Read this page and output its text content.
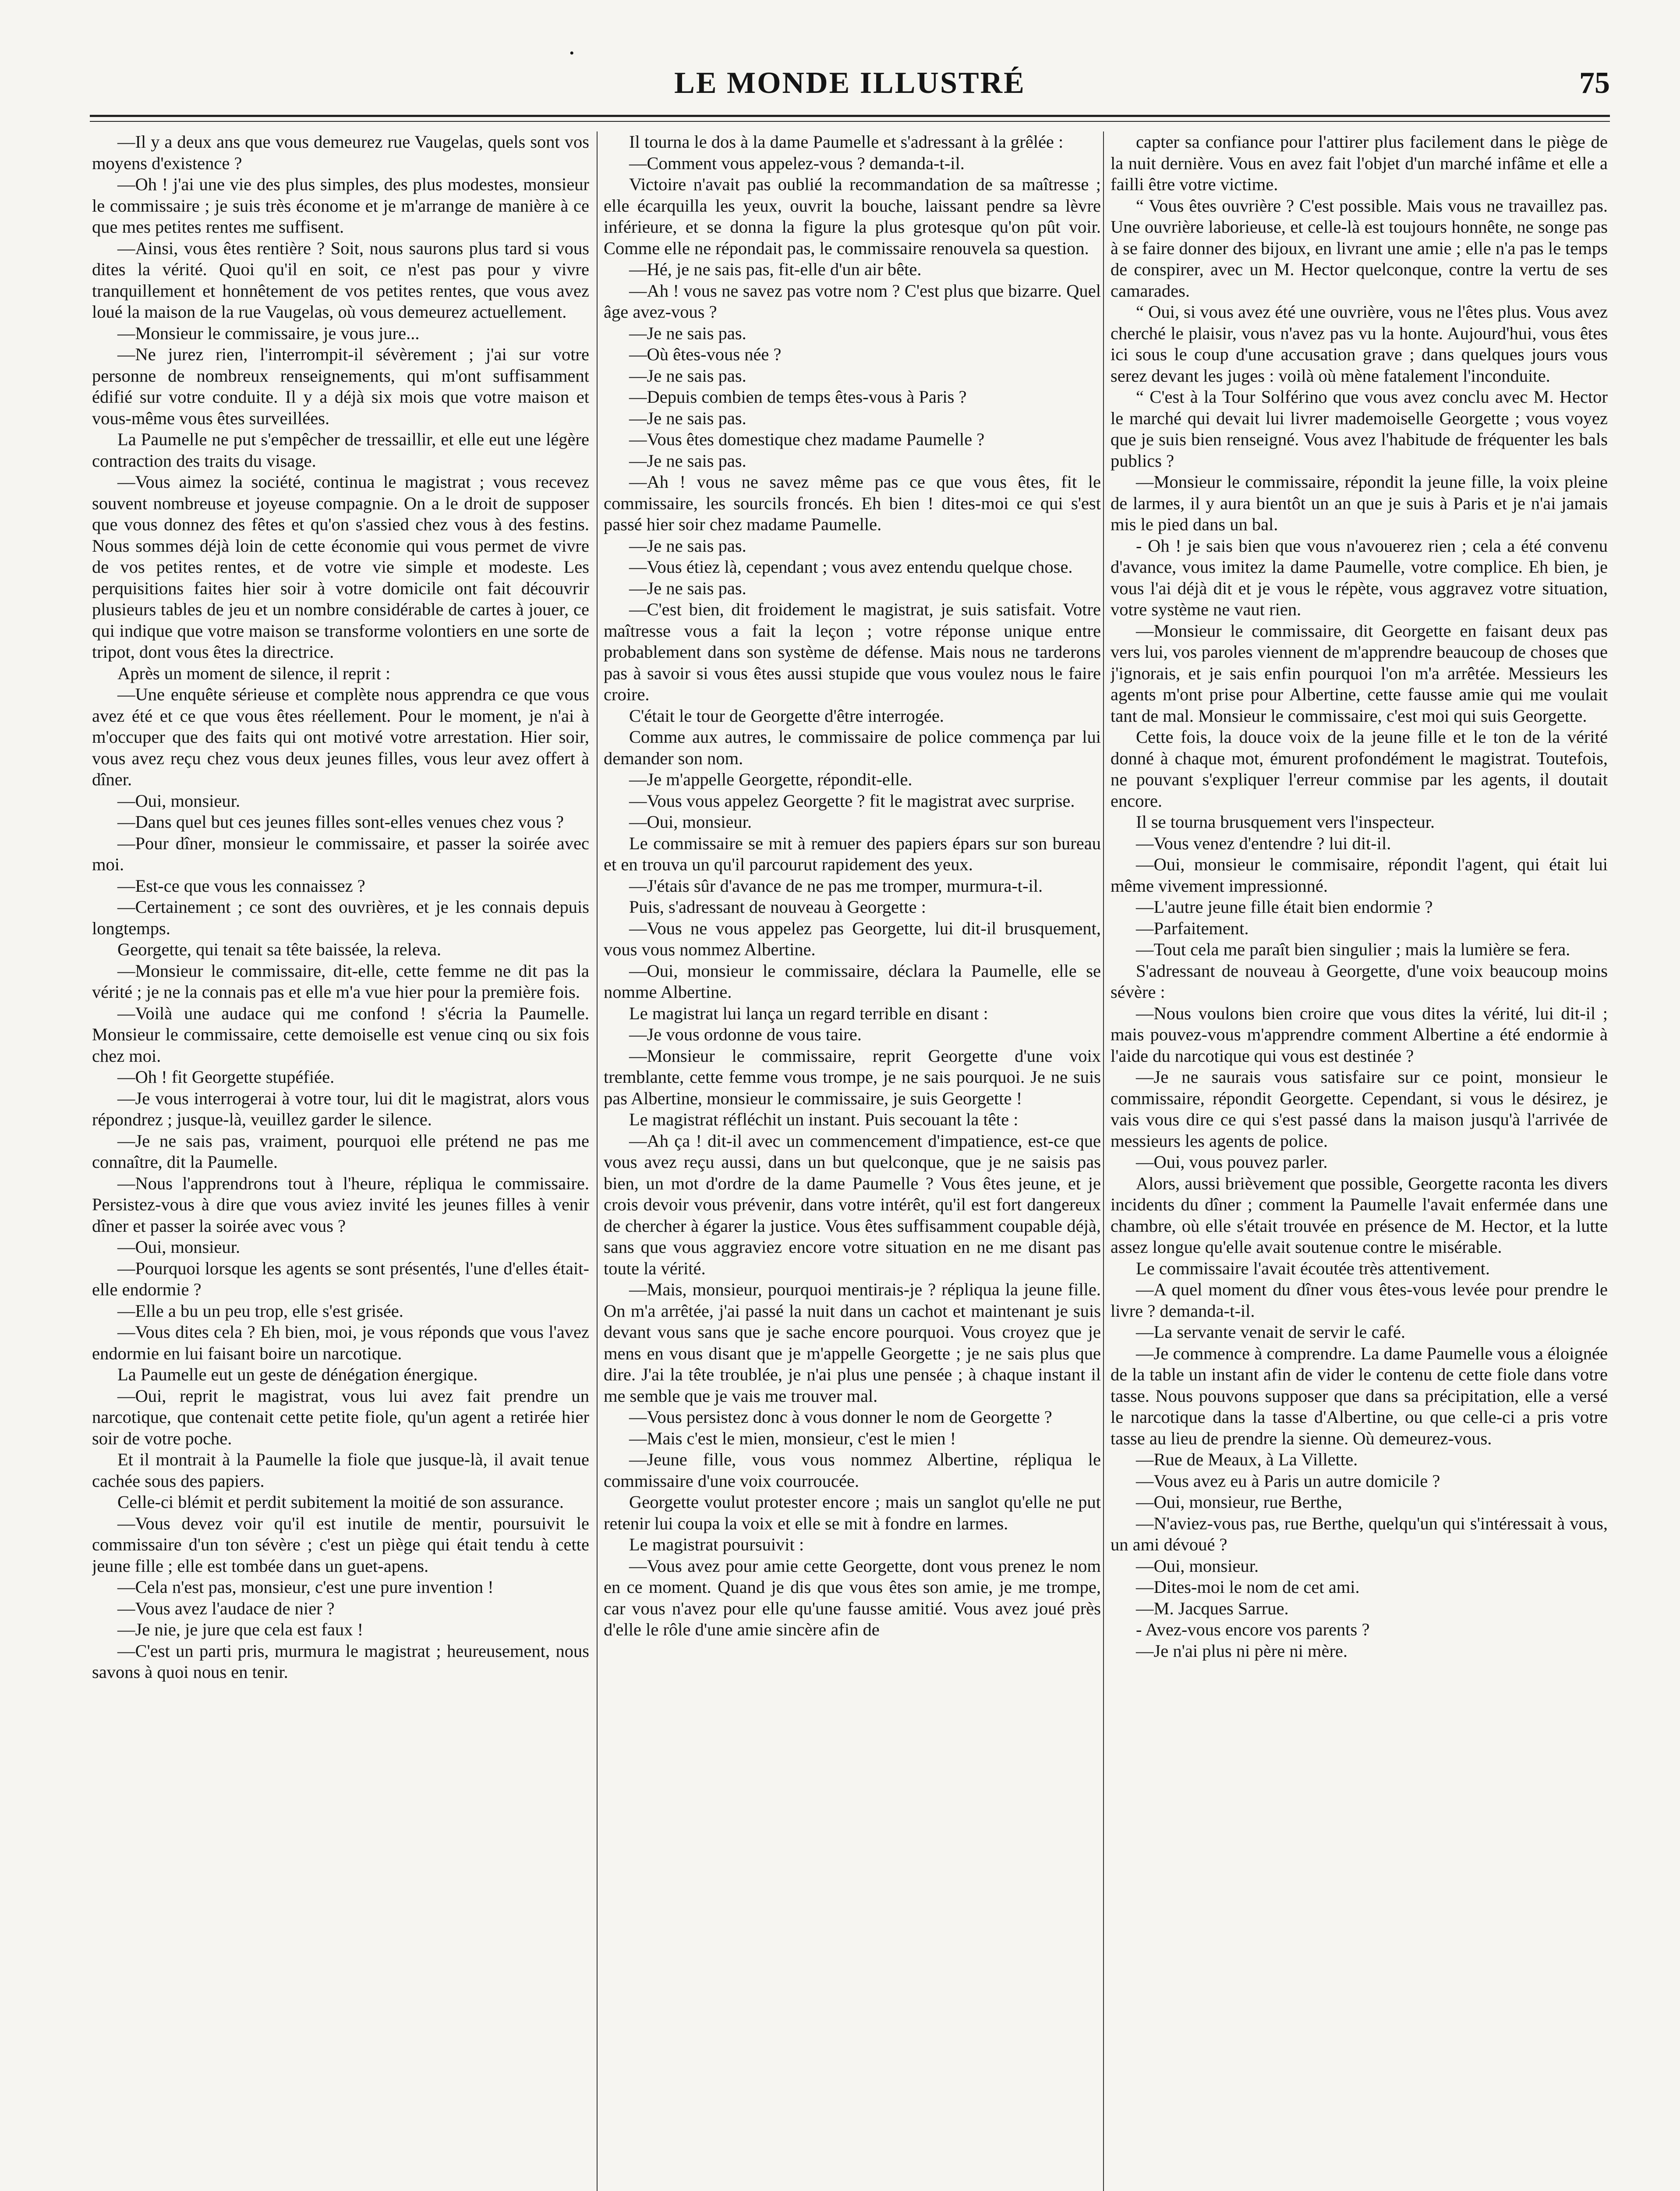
•
LE MONDE ILLUSTRÉ	75

—Il y a deux ans que vous demeurez rue Vaugelas, quels sont vos moyens d'existence ?

—Oh ! j'ai une vie des plus simples, des plus modestes, monsieur le commissaire ; je suis très économe et je m'arrange de manière à ce que mes petites rentes me suffisent.

—Ainsi, vous êtes rentière ? Soit, nous saurons plus tard si vous dites la vérité. Quoi qu'il en soit, ce n'est pas pour y vivre tranquillement et honnêtement de vos petites rentes, que vous avez loué la maison de la rue Vaugelas, où vous demeurez actuellement.

—Monsieur le commissaire, je vous jure...

—Ne jurez rien, l'interrompit-il sévèrement ; j'ai sur votre personne de nombreux renseignements, qui m'ont suffisamment édifié sur votre conduite. Il y a déjà six mois que votre maison et vous-même vous êtes surveillées.

La Paumelle ne put s'empêcher de tressaillir, et elle eut une légère contraction des traits du visage.

—Vous aimez la société, continua le magistrat ; vous recevez souvent nombreuse et joyeuse compagnie. On a le droit de supposer que vous donnez des fêtes et qu'on s'assied chez vous à des festins. Nous sommes déjà loin de cette économie qui vous permet de vivre de vos petites rentes, et de votre vie simple et modeste. Les perquisitions faites hier soir à votre domicile ont fait découvrir plusieurs tables de jeu et un nombre considérable de cartes à jouer, ce qui indique que votre maison se transforme volontiers en une sorte de tripot, dont vous êtes la directrice.

Après un moment de silence, il reprit :

—Une enquête sérieuse et complète nous apprendra ce que vous avez été et ce que vous êtes réellement. Pour le moment, je n'ai à m'occuper que des faits qui ont motivé votre arrestation. Hier soir, vous avez reçu chez vous deux jeunes filles, vous leur avez offert à dîner.

—Oui, monsieur.

—Dans quel but ces jeunes filles sont-elles venues chez vous ?

—Pour dîner, monsieur le commissaire, et passer la soirée avec moi.

—Est-ce que vous les connaissez ?

—Certainement ; ce sont des ouvrières, et je les connais depuis longtemps.

Georgette, qui tenait sa tête baissée, la releva.

—Monsieur le commissaire, dit-elle, cette femme ne dit pas la vérité ; je ne la connais pas et elle m'a vue hier pour la première fois.

—Voilà une audace qui me confond ! s'écria la Paumelle. Monsieur le commissaire, cette demoiselle est venue cinq ou six fois chez moi.

—Oh ! fit Georgette stupéfiée.

—Je vous interrogerai à votre tour, lui dit le magistrat, alors vous répondrez ; jusque-là, veuillez garder le silence.

—Je ne sais pas, vraiment, pourquoi elle prétend ne pas me connaître, dit la Paumelle.

—Nous l'apprendrons tout à l'heure, répliqua le commissaire. Persistez-vous à dire que vous aviez invité les jeunes filles à venir dîner et passer la soirée avec vous ?

—Oui, monsieur.

—Pourquoi lorsque les agents se sont présentés, l'une d'elles était-elle endormie ?

—Elle a bu un peu trop, elle s'est grisée.

—Vous dites cela ? Eh bien, moi, je vous réponds que vous l'avez endormie en lui faisant boire un narcotique.

La Paumelle eut un geste de dénégation énergique.

—Oui, reprit le magistrat, vous lui avez fait prendre un narcotique, que contenait cette petite fiole, qu'un agent a retirée hier soir de votre poche.

Et il montrait à la Paumelle la fiole que jusque-là, il avait tenue cachée sous des papiers.

Celle-ci blémit et perdit subitement la moitié de son assurance.

—Vous devez voir qu'il est inutile de mentir, poursuivit le commissaire d'un ton sévère ; c'est un piège qui était tendu à cette jeune fille ; elle est tombée dans un guet-apens.

—Cela n'est pas, monsieur, c'est une pure invention !

—Vous avez l'audace de nier ?

—Je nie, je jure que cela est faux !

—C'est un parti pris, murmura le magistrat ; heureusement, nous savons à quoi nous en tenir.

Il tourna le dos à la dame Paumelle et s'adressant à la grêlée :

—Comment vous appelez-vous ? demanda-t-il.

Victoire n'avait pas oublié la recommandation de sa maîtresse ; elle écarquilla les yeux, ouvrit la bouche, laissant pendre sa lèvre inférieure, et se donna la figure la plus grotesque qu'on pût voir. Comme elle ne répondait pas, le commissaire renouvela sa question.

—Hé, je ne sais pas, fit-elle d'un air bête.

—Ah ! vous ne savez pas votre nom ? C'est plus que bizarre. Quel âge avez-vous ?

—Je ne sais pas.

—Où êtes-vous née ?

—Je ne sais pas.

—Depuis combien de temps êtes-vous à Paris ?

—Je ne sais pas.

—Vous êtes domestique chez madame Paumelle ?

—Je ne sais pas.

—Ah ! vous ne savez même pas ce que vous êtes, fit le commissaire, les sourcils froncés. Eh bien ! dites-moi ce qui s'est passé hier soir chez madame Paumelle.

—Je ne sais pas.

—Vous étiez là, cependant ; vous avez entendu quelque chose.

—Je ne sais pas.

—C'est bien, dit froidement le magistrat, je suis satisfait. Votre maîtresse vous a fait la leçon ; votre réponse unique entre probablement dans son système de défense. Mais nous ne tarderons pas à savoir si vous êtes aussi stupide que vous voulez nous le faire croire.

C'était le tour de Georgette d'être interrogée.

Comme aux autres, le commissaire de police commença par lui demander son nom.

—Je m'appelle Georgette, répondit-elle.

—Vous vous appelez Georgette ? fit le magistrat avec surprise.

—Oui, monsieur.

Le commissaire se mit à remuer des papiers épars sur son bureau et en trouva un qu'il parcourut rapidement des yeux.

—J'étais sûr d'avance de ne pas me tromper, murmura-t-il.

Puis, s'adressant de nouveau à Georgette :

—Vous ne vous appelez pas Georgette, lui dit-il brusquement, vous vous nommez Albertine.

—Oui, monsieur le commissaire, déclara la Paumelle, elle se nomme Albertine.

Le magistrat lui lança un regard terrible en disant :

—Je vous ordonne de vous taire.

—Monsieur le commissaire, reprit Georgette d'une voix tremblante, cette femme vous trompe, je ne sais pourquoi. Je ne suis pas Albertine, monsieur le commissaire, je suis Georgette !

Le magistrat réfléchit un instant. Puis secouant la tête :

—Ah ça ! dit-il avec un commencement d'impatience, est-ce que vous avez reçu aussi, dans un but quelconque, que je ne saisis pas bien, un mot d'ordre de la dame Paumelle ? Vous êtes jeune, et je crois devoir vous prévenir, dans votre intérêt, qu'il est fort dangereux de chercher à égarer la justice. Vous êtes suffisamment coupable déjà, sans que vous aggraviez encore votre situation en ne me disant pas toute la vérité.

—Mais, monsieur, pourquoi mentirais-je ? répliqua la jeune fille. On m'a arrêtée, j'ai passé la nuit dans un cachot et maintenant je suis devant vous sans que je sache encore pourquoi. Vous croyez que je mens en vous disant que je m'appelle Georgette ; je ne sais plus que dire. J'ai la tête troublée, je n'ai plus une pensée ; à chaque instant il me semble que je vais me trouver mal.

—Vous persistez donc à vous donner le nom de Georgette ?

—Mais c'est le mien, monsieur, c'est le mien !

—Jeune fille, vous vous nommez Albertine, répliqua le commissaire d'une voix courroucée.

Georgette voulut protester encore ; mais un sanglot qu'elle ne put retenir lui coupa la voix et elle se mit à fondre en larmes.

Le magistrat poursuivit :

—Vous avez pour amie cette Georgette, dont vous prenez le nom en ce moment. Quand je dis que vous êtes son amie, je me trompe, car vous n'avez pour elle qu'une fausse amitié. Vous avez joué près d'elle le rôle d'une amie sincère afin de

capter sa confiance pour l'attirer plus facilement dans le piège de la nuit dernière. Vous en avez fait l'objet d'un marché infâme et elle a failli être votre victime.

“ Vous êtes ouvrière ? C'est possible. Mais vous ne travaillez pas. Une ouvrière laborieuse, et celle-là est toujours honnête, ne songe pas à se faire donner des bijoux, en livrant une amie ; elle n'a pas le temps de conspirer, avec un M. Hector quelconque, contre la vertu de ses camarades.

“ Oui, si vous avez été une ouvrière, vous ne l'êtes plus. Vous avez cherché le plaisir, vous n'avez pas vu la honte. Aujourd'hui, vous êtes ici sous le coup d'une accusation grave ; dans quelques jours vous serez devant les juges : voilà où mène fatalement l'inconduite.

“ C'est à la Tour Solférino que vous avez conclu avec M. Hector le marché qui devait lui livrer mademoiselle Georgette ; vous voyez que je suis bien renseigné. Vous avez l'habitude de fréquenter les bals publics ?

—Monsieur le commissaire, répondit la jeune fille, la voix pleine de larmes, il y aura bientôt un an que je suis à Paris et je n'ai jamais mis le pied dans un bal.

- Oh ! je sais bien que vous n'avouerez rien ; cela a été convenu d'avance, vous imitez la dame Paumelle, votre complice. Eh bien, je vous l'ai déjà dit et je vous le répète, vous aggravez votre situation, votre système ne vaut rien.

—Monsieur le commissaire, dit Georgette en faisant deux pas vers lui, vos paroles viennent de m'apprendre beaucoup de choses que j'ignorais, et je sais enfin pourquoi l'on m'a arrêtée. Messieurs les agents m'ont prise pour Albertine, cette fausse amie qui me voulait tant de mal. Monsieur le commissaire, c'est moi qui suis Georgette.

Cette fois, la douce voix de la jeune fille et le ton de la vérité donné à chaque mot, émurent profondément le magistrat. Toutefois, ne pouvant s'expliquer l'erreur commise par les agents, il doutait encore.

Il se tourna brusquement vers l'inspecteur.

—Vous venez d'entendre ? lui dit-il.

—Oui, monsieur le commisaire, répondit l'agent, qui était lui même vivement impressionné.

—L'autre jeune fille était bien endormie ?

—Parfaitement.

—Tout cela me paraît bien singulier ; mais la lumière se fera.

S'adressant de nouveau à Georgette, d'une voix beaucoup moins sévère :

—Nous voulons bien croire que vous dites la vérité, lui dit-il ; mais pouvez-vous m'apprendre comment Albertine a été endormie à l'aide du narcotique qui vous est destinée ?

—Je ne saurais vous satisfaire sur ce point, monsieur le commissaire, répondit Georgette. Cependant, si vous le désirez, je vais vous dire ce qui s'est passé dans la maison jusqu'à l'arrivée de messieurs les agents de police.

—Oui, vous pouvez parler.

Alors, aussi brièvement que possible, Georgette raconta les divers incidents du dîner ; comment la Paumelle l'avait enfermée dans une chambre, où elle s'était trouvée en présence de M. Hector, et la lutte assez longue qu'elle avait soutenue contre le misérable.

Le commissaire l'avait écoutée très attentivement.

—A quel moment du dîner vous êtes-vous levée pour prendre le livre ? demanda-t-il.

—La servante venait de servir le café.

—Je commence à comprendre. La dame Paumelle vous a éloignée de la table un instant afin de vider le contenu de cette fiole dans votre tasse. Nous pouvons supposer que dans sa précipitation, elle a versé le narcotique dans la tasse d'Albertine, ou que celle-ci a pris votre tasse au lieu de prendre la sienne. Où demeurez-vous.

—Rue de Meaux, à La Villette.

—Vous avez eu à Paris un autre domicile ?

—Oui, monsieur, rue Berthe,

—N'aviez-vous pas, rue Berthe, quelqu'un qui s'intéressait à vous, un ami dévoué ?

—Oui, monsieur.

—Dites-moi le nom de cet ami.

—M. Jacques Sarrue.

- Avez-vous encore vos parents ?

—Je n'ai plus ni père ni mère.
